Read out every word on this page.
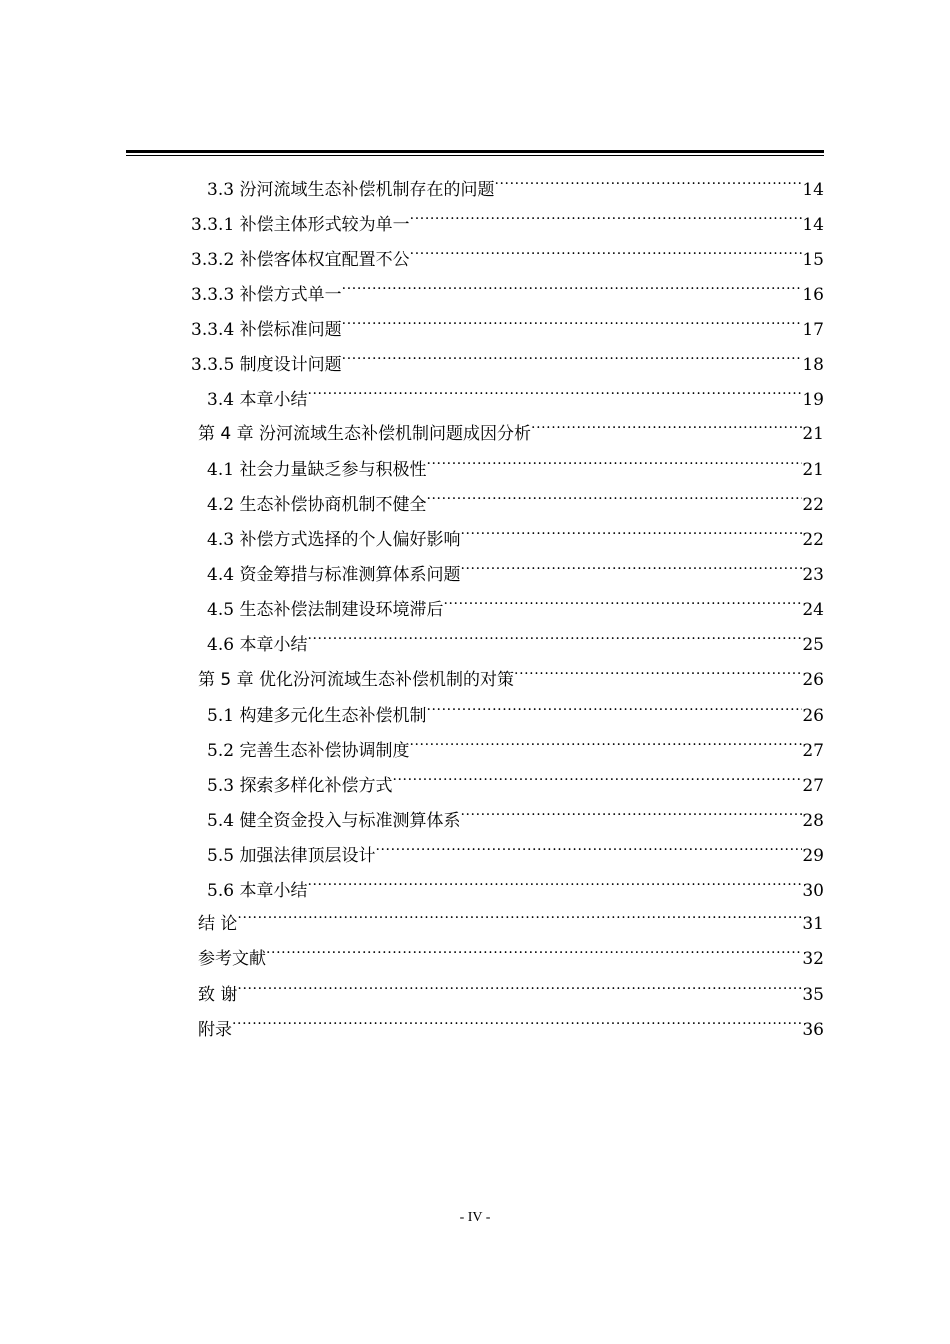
3.3 汾河流域生态补偿机制存在的问题 .....	14
3.3.1 补偿主体形式较为单一 .....	14
3.3.2 补偿客体权宜配置不公 .....	15
3.3.3 补偿方式单一 .....	16
3.3.4 补偿标准问题 .....	17
3.3.5 制度设计问题 .....	18
3.4 本章小结 .....	19
第 4 章 汾河流域生态补偿机制问题成因分析 .....	21
4.1 社会力量缺乏参与积极性 .....	21
4.2 生态补偿协商机制不健全 .....	22
4.3 补偿方式选择的个人偏好影响 .....	22
4.4 资金筹措与标准测算体系问题 .....	23
4.5 生态补偿法制建设环境滞后 .....	24
4.6 本章小结 .....	25
第 5 章 优化汾河流域生态补偿机制的对策 .....	26
5.1 构建多元化生态补偿机制 .....	26
5.2 完善生态补偿协调制度 .....	27
5.3 探索多样化补偿方式 .....	27
5.4 健全资金投入与标准测算体系 .....	28
5.5 加强法律顶层设计 .....	29
5.6 本章小结 .....	30
结 论 .....	31
参考文献 .....	32
致 谢 .....	35
附录 .....	36
- IV -
